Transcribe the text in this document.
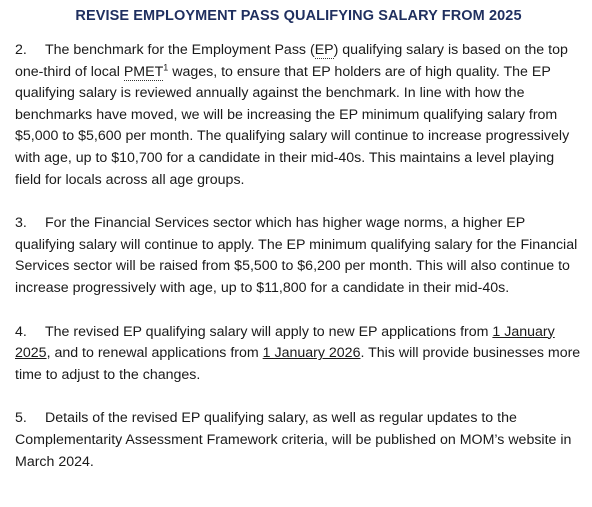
REVISE EMPLOYMENT PASS QUALIFYING SALARY FROM 2025

2. The benchmark for the Employment Pass (EP) qualifying salary is based on the top one-third of local PMET$^1$ wages, to ensure that EP holders are of high quality. The EP qualifying salary is reviewed annually against the benchmark. In line with how the benchmarks have moved, we will be increasing the EP minimum qualifying salary from $5,000 to $5,600 per month. The qualifying salary will continue to increase progressively with age, up to $10,700 for a candidate in their mid-40s. This maintains a level playing field for locals across all age groups.

3. For the Financial Services sector which has higher wage norms, a higher EP qualifying salary will continue to apply. The EP minimum qualifying salary for the Financial Services sector will be raised from $5,500 to $6,200 per month. This will also continue to increase progressively with age, up to $11,800 for a candidate in their mid-40s.

4. The revised EP qualifying salary will apply to new EP applications from 1 January 2025, and to renewal applications from 1 January 2026. This will provide businesses more time to adjust to the changes.

5. Details of the revised EP qualifying salary, as well as regular updates to the Complementarity Assessment Framework criteria, will be published on MOM’s website in March 2024.
